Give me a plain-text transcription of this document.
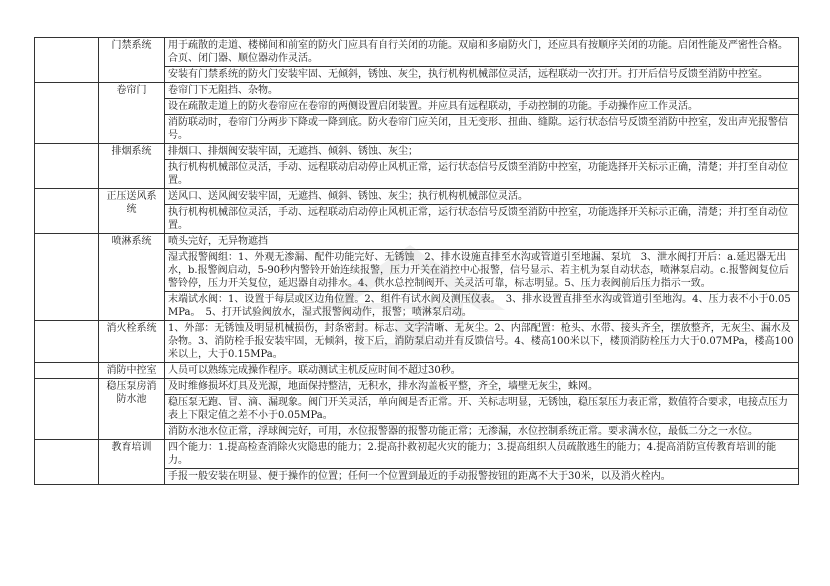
	门禁系统	用于疏散的走道、楼梯间和前室的防火门应具有自行关闭的功能。双扇和多扇防火门，还应具有按顺序关闭的功能。启闭性能及严密性合格。合页、闭门器、顺位器动作灵活。
		安装有门禁系统的防火门安装牢固、无倾斜，锈蚀、灰尘，执行机构机械部位灵活，远程联动一次打开。打开后信号反馈至消防中控室。
	卷帘门	卷帘门下无阻挡、杂物。
		设在疏散走道上的防火卷帘应在卷帘的两侧设置启闭装置。并应具有远程联动，手动控制的功能。手动操作应工作灵活。
		消防联动时，卷帘门分两步下降或一降到底。防火卷帘门应关闭，且无变形、扭曲、缝隙。运行状态信号反馈至消防中控室，发出声光报警信号。
	排烟系统	排烟口、排烟阀安装牢固，无遮挡、倾斜、锈蚀、灰尘；
		执行机构机械部位灵活，手动、远程联动启动停止风机正常，运行状态信号反馈至消防中控室，功能选择开关标示正确，清楚；并打至自动位置。
	正压送风系统	送风口、送风阀安装牢固，无遮挡、倾斜、锈蚀、灰尘；执行机构机械部位灵活。
		执行机构机械部位灵活，手动、远程联动启动停止风机正常，运行状态信号反馈至消防中控室，功能选择开关标示正确，清楚；并打至自动位置。
	喷淋系统	喷头完好，无异物遮挡
		湿式报警阀组：1、外观无渗漏、配件功能完好、无锈蚀　2、排水设施直排至水沟或管道引至地漏、泵坑　3、泄水阀打开后：a.延迟器无出水，b.报警阀启动，5-90秒内警铃开始连续报警，压力开关在消控中心报警，信号显示、若主机为泵自动状态，喷淋泵启动。c.报警阀复位后警铃停，压力开关复位，延迟器自动排水。4、供水总控制阀开、关灵活可靠，标志明显。5、压力表阀前后压力指示一致。
		末端试水阀：1、设置于每层或区边角位置。2、组件有试水阀及测压仪表。　3、排水设置直排至水沟或管道引至地沟。4、压力表不小于0.05MPa。　5、打开试验阀放水，湿式报警阀动作，报警；喷淋泵启动。
	消火栓系统	1、外部：无锈蚀及明显机械损伤，封条密封。标志、文字清晰、无灰尘。2、内部配置：枪头、水带、接头齐全，摆放整齐，无灰尘、漏水及杂物。3、消防栓手报安装牢固，无倾斜，按下后，消防泵启动并有反馈信号。4、楼高100米以下，楼顶消防栓压力大于0.07MPa，楼高100米以上，大于0.15MPa。
	消防中控室	人员可以熟练完成操作程序。联动测试主机反应时间不超过30秒。
	稳压泵房消防水池	及时维修损坏灯具及光源，地面保持整洁，无积水，排水沟盖板平整，齐全，墙壁无灰尘，蛛网。
		稳压泵无跑、冒、滴、漏现象。阀门开关灵活，单向阀是否正常。开、关标志明显，无锈蚀，稳压泵压力表正常，数值符合要求，电接点压力表上下限定值之差不小于0.05MPa。
		消防水池水位正常，浮球阀完好，可用，水位报警器的报警功能正常；无渗漏，水位控制系统正常。要求满水位，最低二分之一水位。
	教育培训	四个能力：1.提高检查消除火灾隐患的能力；2.提高扑救初起火灾的能力；3.提高组织人员疏散逃生的能力；4.提高消防宣传教育培训的能力。
		手报一般安装在明显、便于操作的位置；任何一个位置到最近的手动报警按钮的距离不大于30米，以及消火栓内。
